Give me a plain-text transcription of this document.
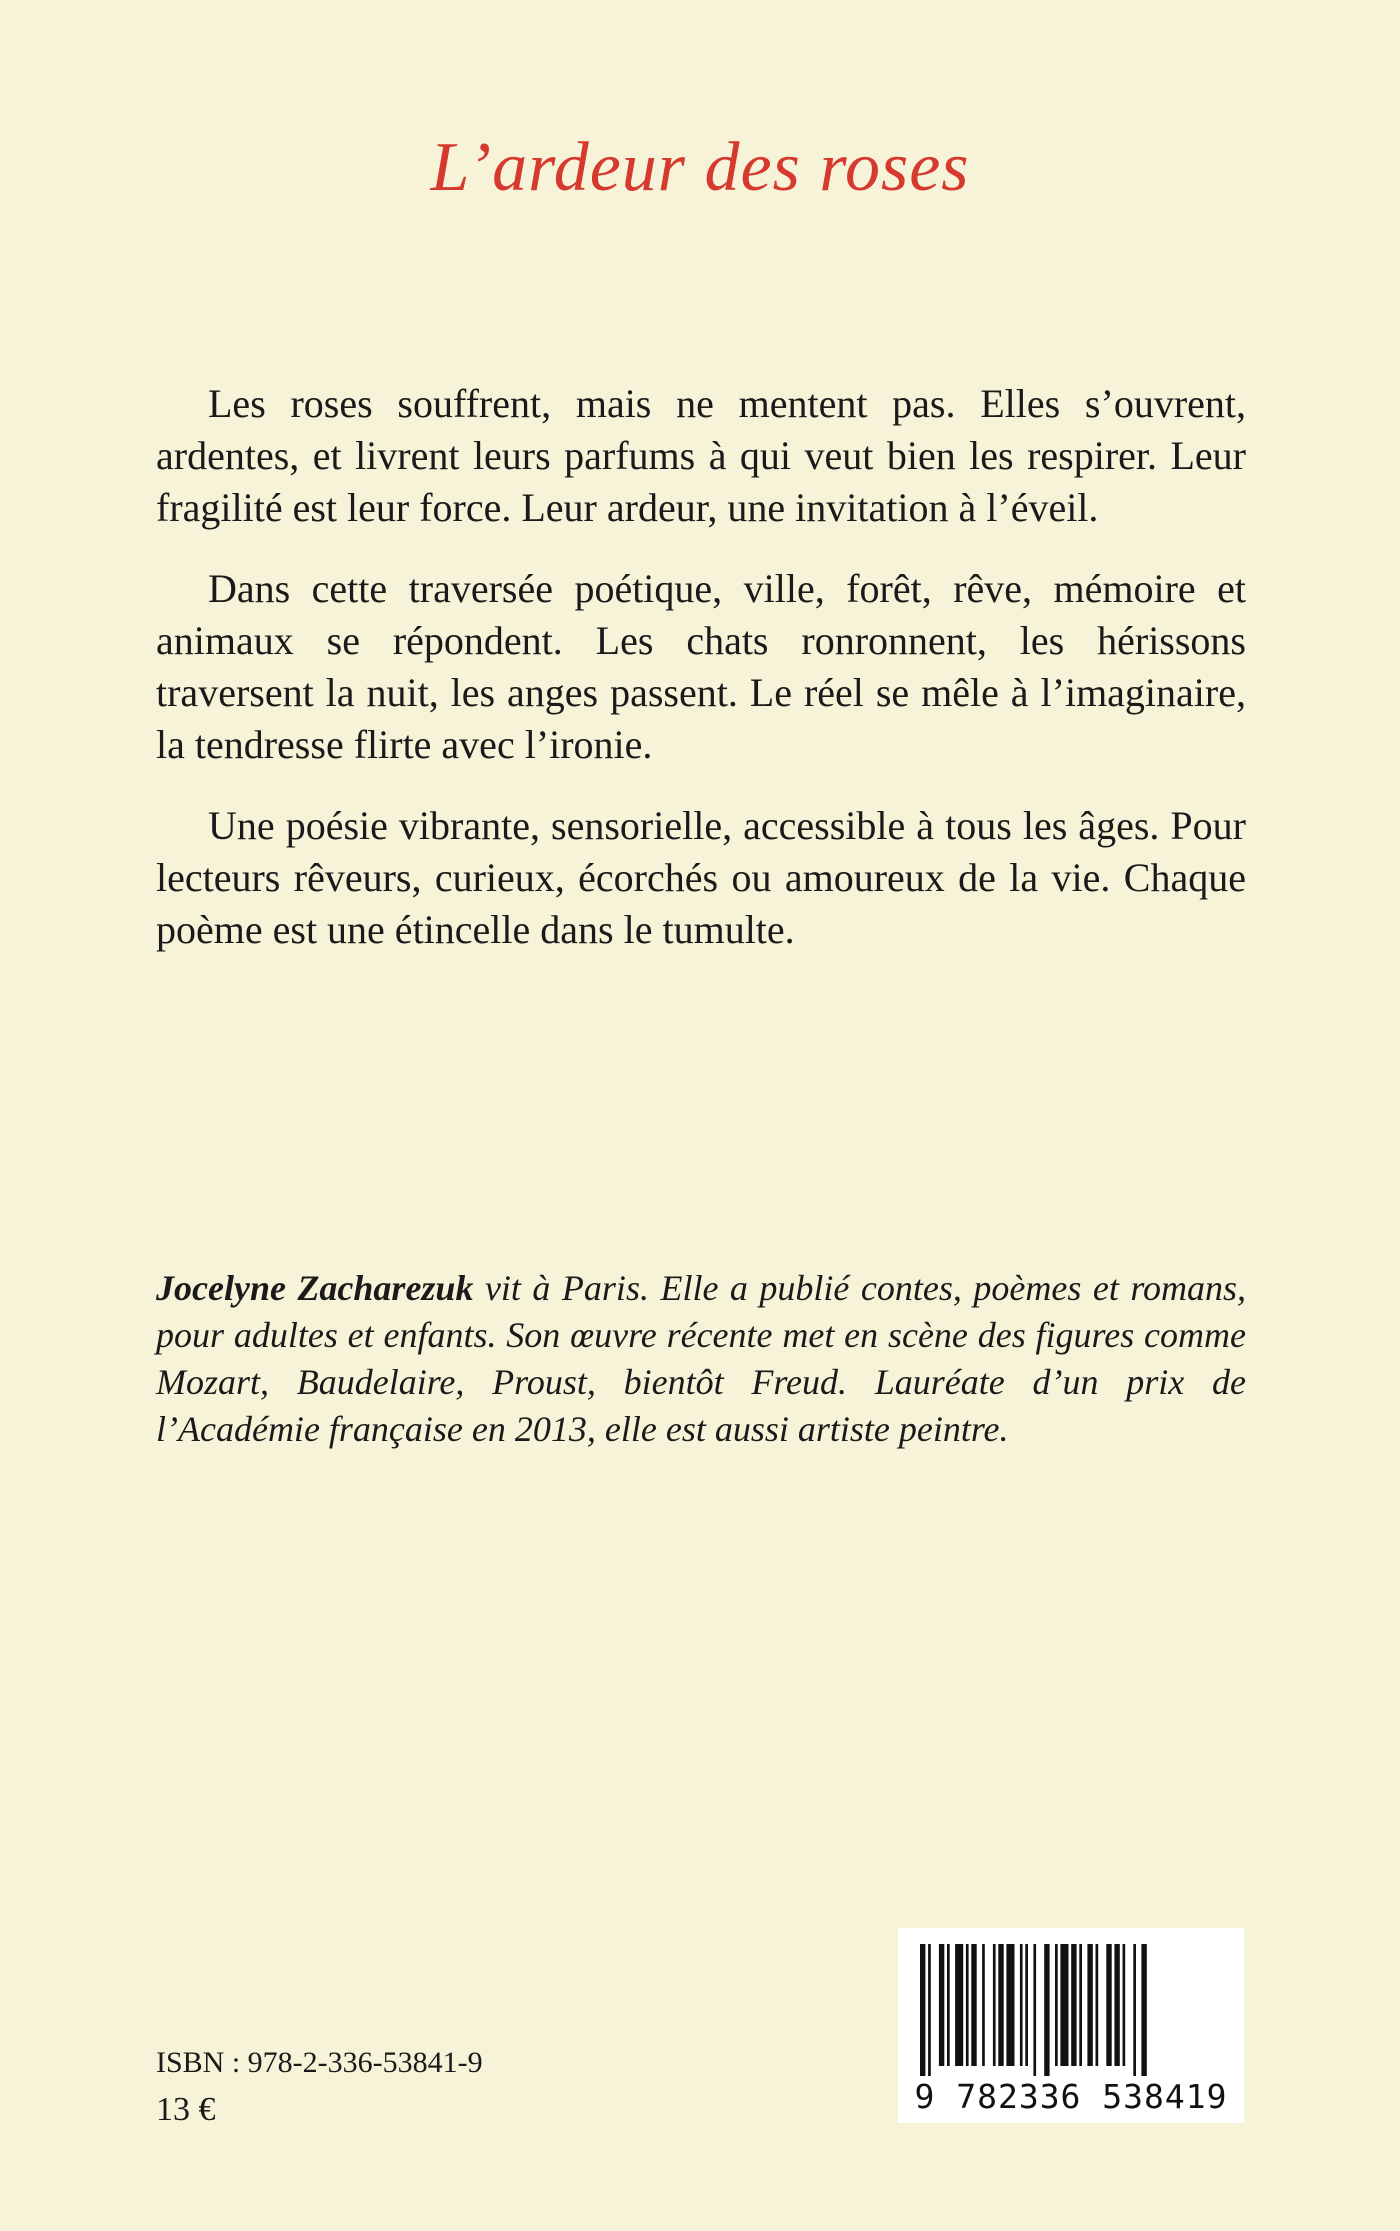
L’ardeur des roses

Les roses souffrent, mais ne mentent pas. Elles s’ouvrent, ardentes, et livrent leurs parfums à qui veut bien les respirer. Leur fragilité est leur force. Leur ardeur, une invitation à l’éveil.

Dans cette traversée poétique, ville, forêt, rêve, mémoire et animaux se répondent. Les chats ronronnent, les hérissons traversent la nuit, les anges passent. Le réel se mêle à l’imaginaire, la tendresse flirte avec l’ironie.

Une poésie vibrante, sensorielle, accessible à tous les âges. Pour lecteurs rêveurs, curieux, écorchés ou amoureux de la vie. Chaque poème est une étincelle dans le tumulte.

Jocelyne Zacharezuk vit à Paris. Elle a publié contes, poèmes et romans, pour adultes et enfants. Son œuvre récente met en scène des figures comme Mozart, Baudelaire, Proust, bientôt Freud. Lauréate d’un prix de l’Académie française en 2013, elle est aussi artiste peintre.

ISBN : 978-2-336-53841-9
13 €	9 782336 538419
